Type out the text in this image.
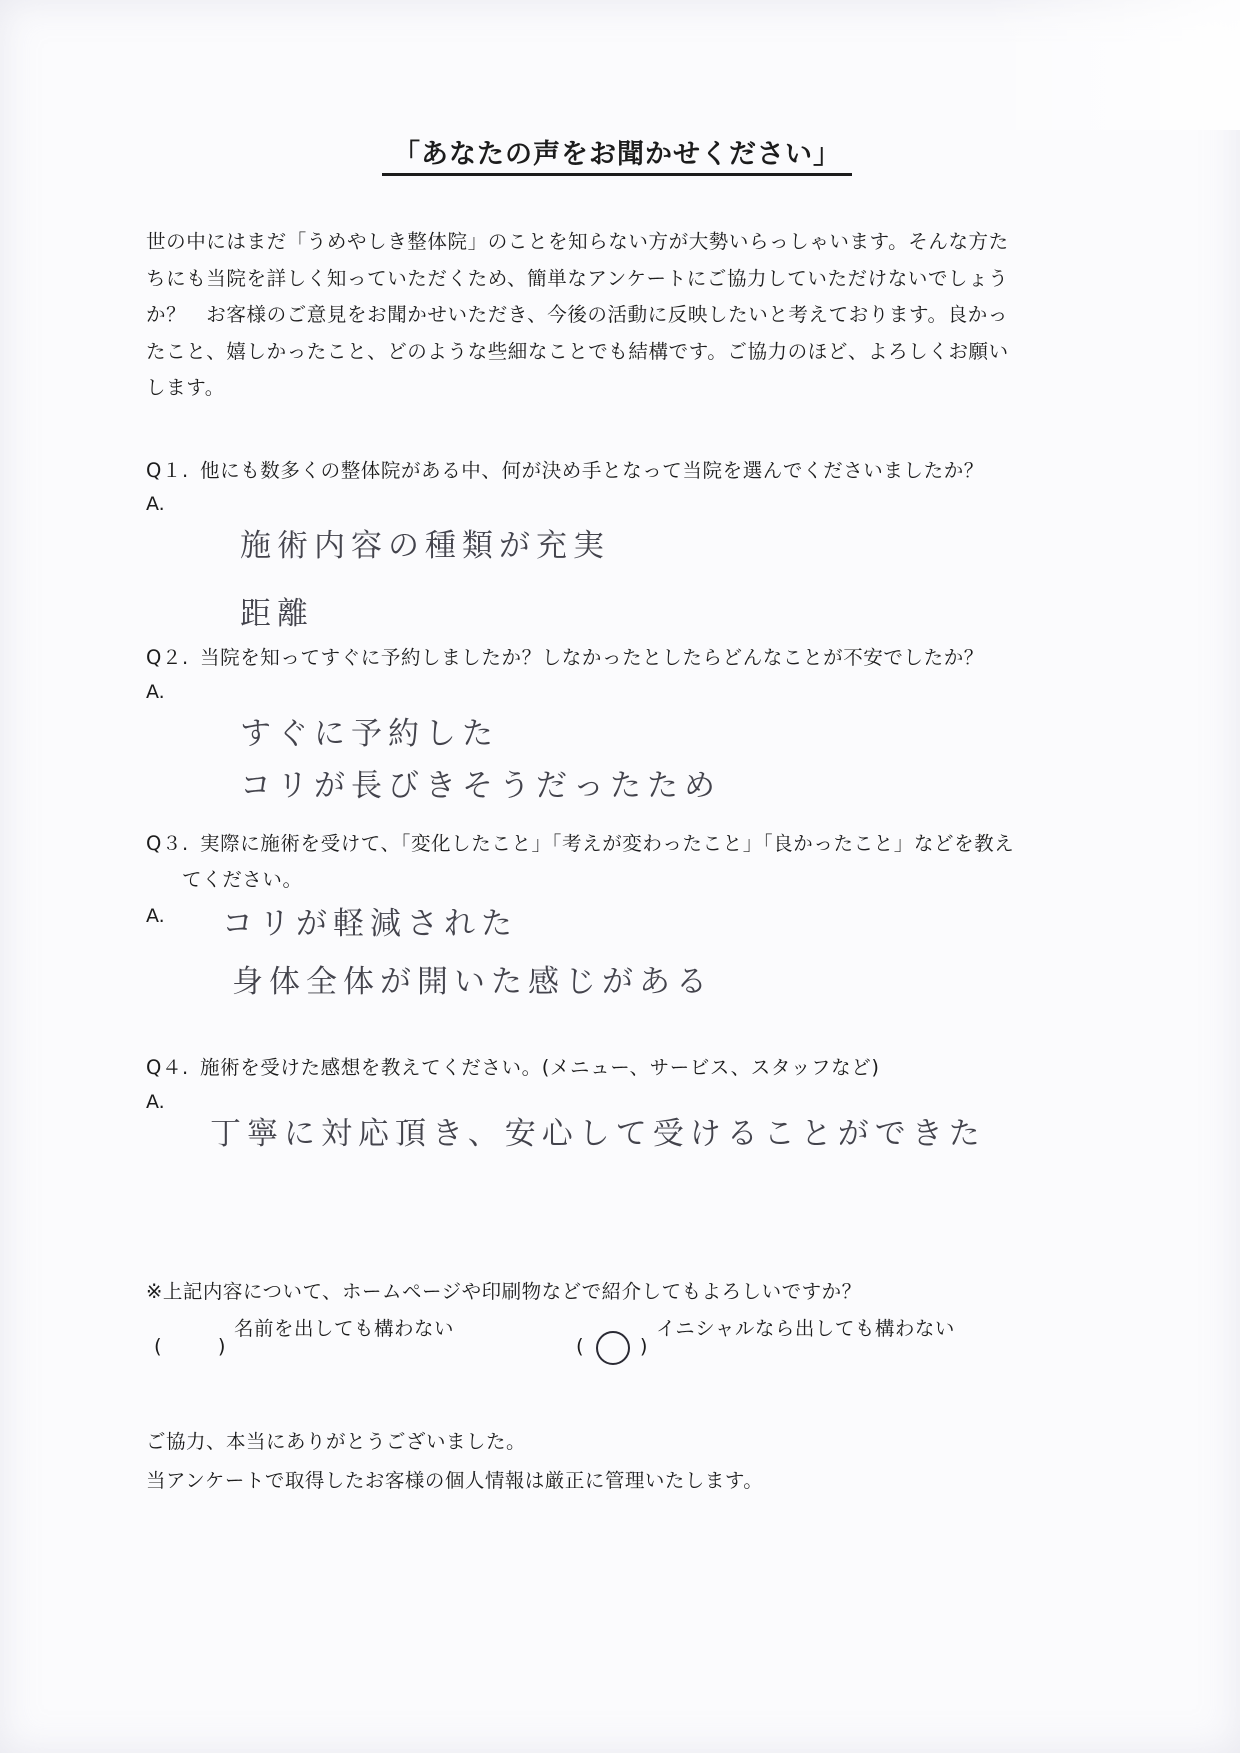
「あなたの声をお聞かせください」

世の中にはまだ「うめやしき整体院」のことを知らない方が大勢いらっしゃいます。そんな方た

ちにも当院を詳しく知っていただくため、簡単なアンケートにご協力していただけないでしょう

か？　お客様のご意見をお聞かせいただき、今後の活動に反映したいと考えております。良かっ

たこと、嬉しかったこと、どのような些細なことでも結構です。ご協力のほど、よろしくお願い

します。

Q１. 他にも数多くの整体院がある中、何が決め手となって当院を選んでくださいましたか？
A.
施術内容の種類が充実
距離
Q２. 当院を知ってすぐに予約しましたか？しなかったとしたらどんなことが不安でしたか？
A.
すぐに予約した
コリが長びきそうだったため
Q３. 実際に施術を受けて、「変化したこと」「考えが変わったこと」「良かったこと」などを教え
てください。
A. コリが軽減された
身体全体が開いた感じがある
Q４. 施術を受けた感想を教えてください。(メニュー、サービス、スタッフなど)
A.
丁寧に対応頂き、安心して受けることができた
※上記内容について、ホームページや印刷物などで紹介してもよろしいですか？
(	)
名前を出しても構わない
(	)
イニシャルなら出しても構わない
ご協力、本当にありがとうございました。
当アンケートで取得したお客様の個人情報は厳正に管理いたします。
